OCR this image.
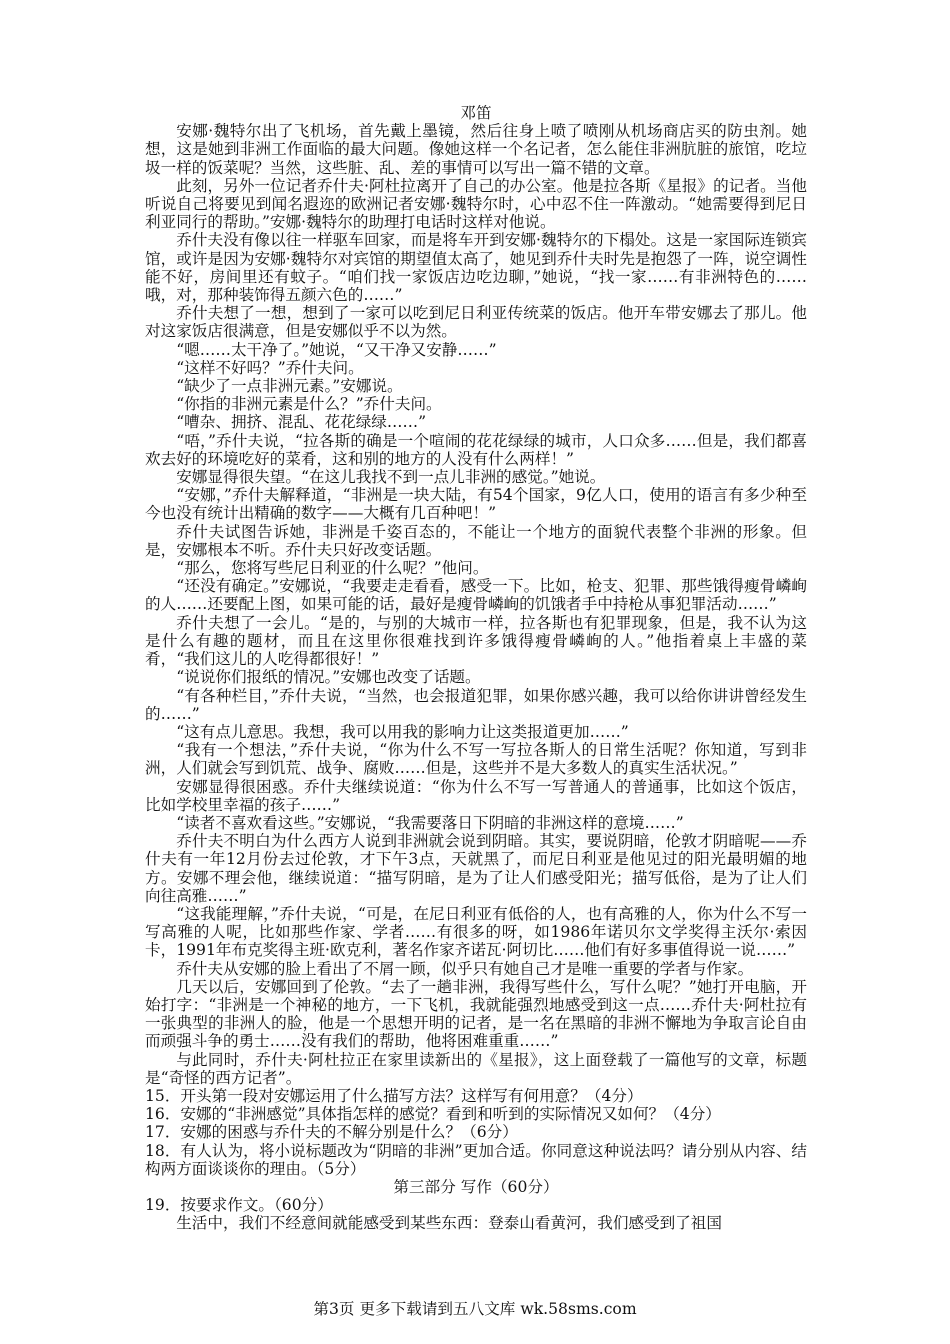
邓笛

安娜·魏特尔出了飞机场，首先戴上墨镜，然后往身上喷了喷刚从机场商店买的防虫剂。她想，这是她到非洲工作面临的最大问题。像她这样一个名记者，怎么能住非洲肮脏的旅馆，吃垃圾一样的饭菜呢？当然，这些脏、乱、差的事情可以写出一篇不错的文章。

此刻，另外一位记者乔什夫·阿杜拉离开了自己的办公室。他是拉各斯《星报》的记者。当他听说自己将要见到闻名遐迩的欧洲记者安娜·魏特尔时，心中忍不住一阵激动。“她需要得到尼日利亚同行的帮助。”安娜·魏特尔的助理打电话时这样对他说。

乔什夫没有像以往一样驱车回家，而是将车开到安娜·魏特尔的下榻处。这是一家国际连锁宾馆，或许是因为安娜·魏特尔对宾馆的期望值太高了，她见到乔什夫时先是抱怨了一阵，说空调性能不好，房间里还有蚊子。“咱们找一家饭店边吃边聊，”她说，“找一家……有非洲特色的……哦，对，那种装饰得五颜六色的……”

乔什夫想了一想，想到了一家可以吃到尼日利亚传统菜的饭店。他开车带安娜去了那儿。他对这家饭店很满意，但是安娜似乎不以为然。

“嗯……太干净了。”她说，“又干净又安静……”

“这样不好吗？”乔什夫问。

“缺少了一点非洲元素。”安娜说。

“你指的非洲元素是什么？”乔什夫问。

“嘈杂、拥挤、混乱、花花绿绿……”

“唔，”乔什夫说，“拉各斯的确是一个喧闹的花花绿绿的城市，人口众多……但是，我们都喜欢去好的环境吃好的菜肴，这和别的地方的人没有什么两样！”

安娜显得很失望。“在这儿我找不到一点儿非洲的感觉。”她说。

“安娜，”乔什夫解释道，“非洲是一块大陆，有54个国家，9亿人口，使用的语言有多少种至今也没有统计出精确的数字——大概有几百种吧！”

乔什夫试图告诉她，非洲是千姿百态的，不能让一个地方的面貌代表整个非洲的形象。但是，安娜根本不听。乔什夫只好改变话题。

“那么，您将写些尼日利亚的什么呢？”他问。

“还没有确定。”安娜说，“我要走走看看，感受一下。比如，枪支、犯罪、那些饿得瘦骨嶙峋的人……还要配上图，如果可能的话，最好是瘦骨嶙峋的饥饿者手中持枪从事犯罪活动……”

乔什夫想了一会儿。“是的，与别的大城市一样，拉各斯也有犯罪现象，但是，我不认为这是什么有趣的题材，而且在这里你很难找到许多饿得瘦骨嶙峋的人。”他指着桌上丰盛的菜肴，“我们这儿的人吃得都很好！”

“说说你们报纸的情况。”安娜也改变了话题。

“有各种栏目，”乔什夫说，“当然，也会报道犯罪，如果你感兴趣，我可以给你讲讲曾经发生的……”

“这有点儿意思。我想，我可以用我的影响力让这类报道更加……”

“我有一个想法，”乔什夫说，“你为什么不写一写拉各斯人的日常生活呢？你知道，写到非洲，人们就会写到饥荒、战争、腐败……但是，这些并不是大多数人的真实生活状况。”

安娜显得很困惑。乔什夫继续说道：“你为什么不写一写普通人的普通事，比如这个饭店，比如学校里幸福的孩子……”

“读者不喜欢看这些。”安娜说，“我需要落日下阴暗的非洲这样的意境……”

乔什夫不明白为什么西方人说到非洲就会说到阴暗。其实，要说阴暗，伦敦才阴暗呢——乔什夫有一年12月份去过伦敦，才下午3点，天就黑了，而尼日利亚是他见过的阳光最明媚的地方。安娜不理会他，继续说道：“描写阴暗，是为了让人们感受阳光；描写低俗，是为了让人们向往高雅……”

“这我能理解，”乔什夫说，“可是，在尼日利亚有低俗的人，也有高雅的人，你为什么不写一写高雅的人呢，比如那些作家、学者……有很多的呀，如1986年诺贝尔文学奖得主沃尔·索因卡，1991年布克奖得主班·欧克利，著名作家齐诺瓦·阿切比……他们有好多事值得说一说……”

乔什夫从安娜的脸上看出了不屑一顾，似乎只有她自己才是唯一重要的学者与作家。

几天以后，安娜回到了伦敦。“去了一趟非洲，我得写些什么，写什么呢？”她打开电脑，开始打字：“非洲是一个神秘的地方，一下飞机，我就能强烈地感受到这一点……乔什夫·阿杜拉有一张典型的非洲人的脸，他是一个思想开明的记者，是一名在黑暗的非洲不懈地为争取言论自由而顽强斗争的勇士……没有我们的帮助，他将困难重重……”

与此同时，乔什夫·阿杜拉正在家里读新出的《星报》，这上面登载了一篇他写的文章，标题是“奇怪的西方记者”。

15．开头第一段对安娜运用了什么描写方法？这样写有何用意？（4分）

16．安娜的“非洲感觉”具体指怎样的感觉？看到和听到的实际情况又如何？（4分）

17．安娜的困惑与乔什夫的不解分别是什么？（6分）

18．有人认为，将小说标题改为“阴暗的非洲”更加合适。你同意这种说法吗？请分别从内容、结构两方面谈谈你的理由。（5分）

第三部分 写作（60分）

19．按要求作文。（60分）

生活中，我们不经意间就能感受到某些东西：登泰山看黄河，我们感受到了祖国

第3页 更多下载请到五八文库 wk.58sms.com
